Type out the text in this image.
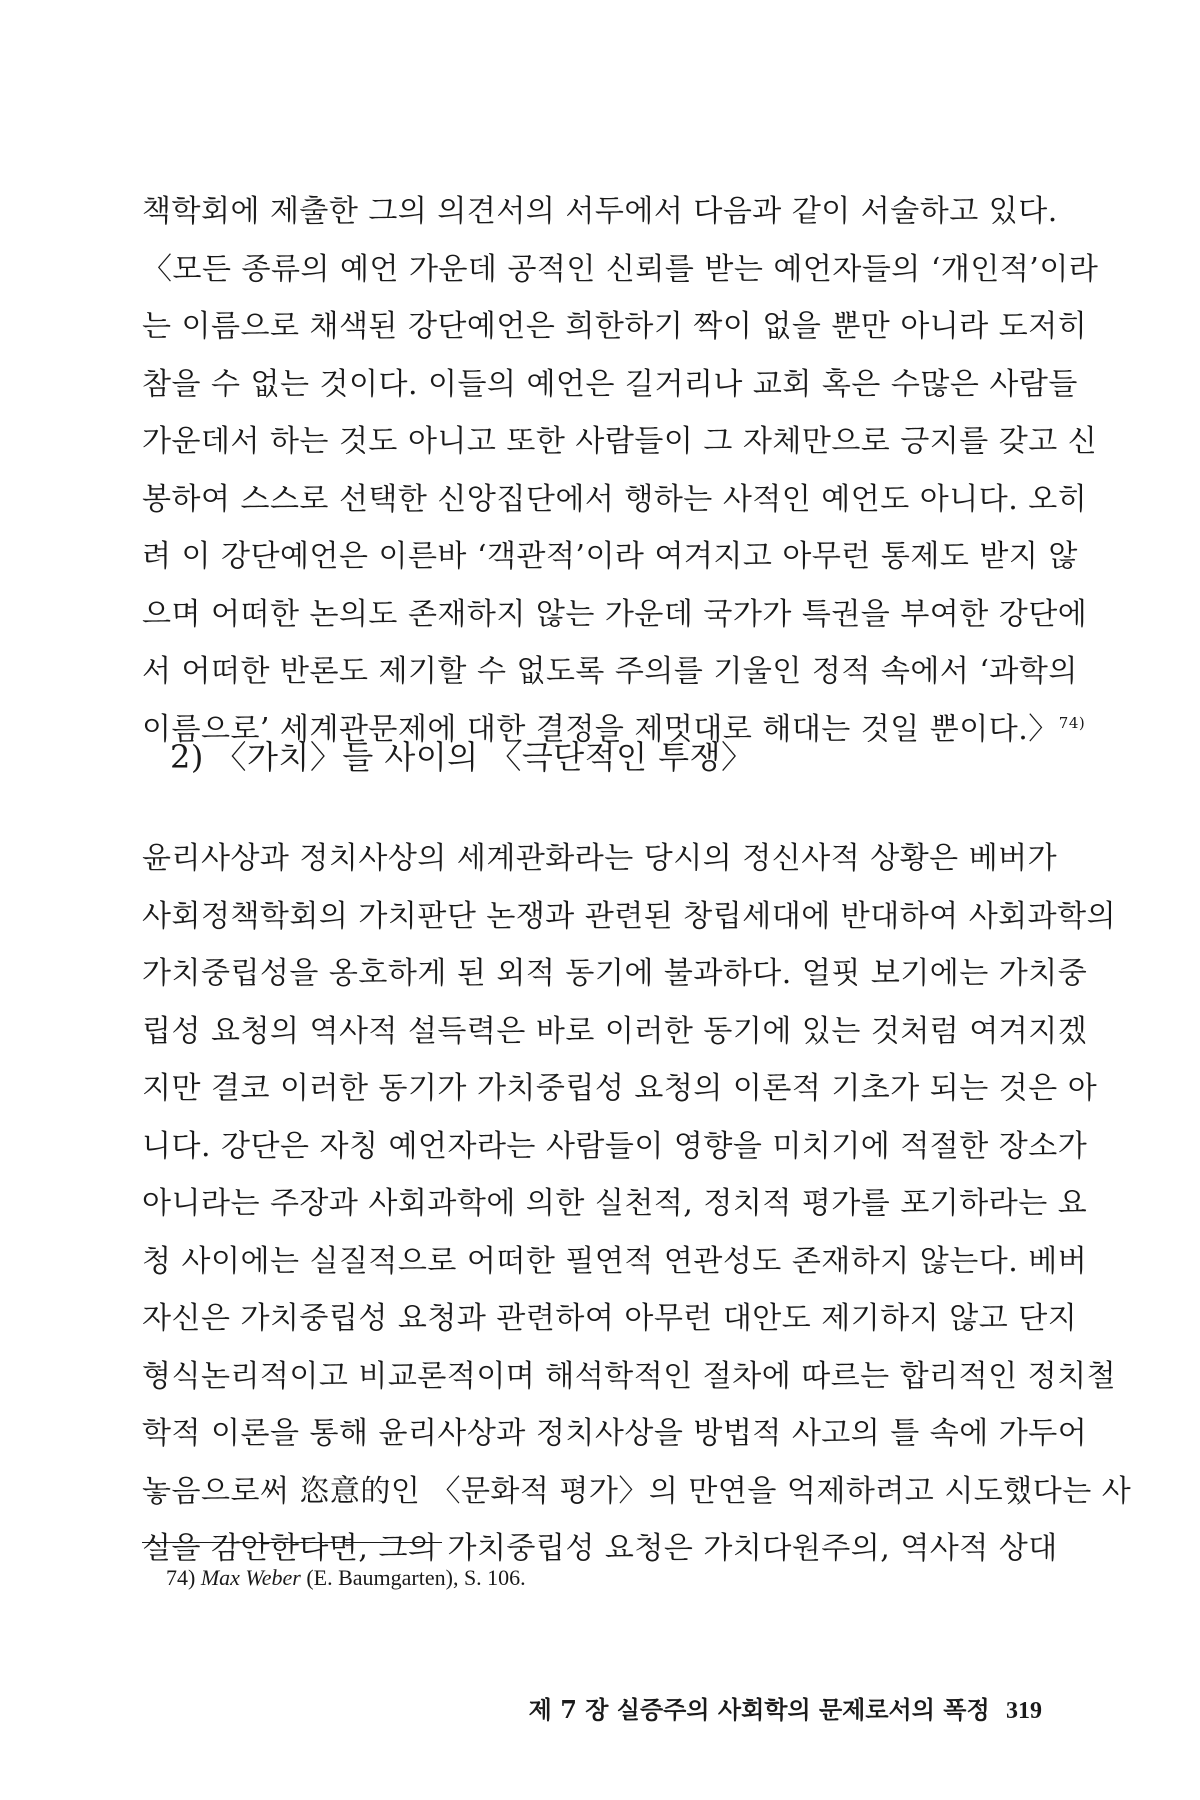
책학회에 제출한 그의 의견서의 서두에서 다음과 같이 서술하고 있다.
〈모든 종류의 예언 가운데 공적인 신뢰를 받는 예언자들의 ‘개인적’이라
는 이름으로 채색된 강단예언은 희한하기 짝이 없을 뿐만 아니라 도저히
참을 수 없는 것이다. 이들의 예언은 길거리나 교회 혹은 수많은 사람들
가운데서 하는 것도 아니고 또한 사람들이 그 자체만으로 긍지를 갖고 신
봉하여 스스로 선택한 신앙집단에서 행하는 사적인 예언도 아니다. 오히
려 이 강단예언은 이른바 ‘객관적’이라 여겨지고 아무런 통제도 받지 않
으며 어떠한 논의도 존재하지 않는 가운데 국가가 특권을 부여한 강단에
서 어떠한 반론도 제기할 수 없도록 주의를 기울인 정적 속에서 ‘과학의
이름으로’ 세계관문제에 대한 결정을 제멋대로 해대는 것일 뿐이다.〉$^{74)}$
2) 〈가치〉들 사이의 〈극단적인 투쟁〉
윤리사상과 정치사상의 세계관화라는 당시의 정신사적 상황은 베버가
사회정책학회의 가치판단 논쟁과 관련된 창립세대에 반대하여 사회과학의
가치중립성을 옹호하게 된 외적 동기에 불과하다. 얼핏 보기에는 가치중
립성 요청의 역사적 설득력은 바로 이러한 동기에 있는 것처럼 여겨지겠
지만 결코 이러한 동기가 가치중립성 요청의 이론적 기초가 되는 것은 아
니다. 강단은 자칭 예언자라는 사람들이 영향을 미치기에 적절한 장소가
아니라는 주장과 사회과학에 의한 실천적, 정치적 평가를 포기하라는 요
청 사이에는 실질적으로 어떠한 필연적 연관성도 존재하지 않는다. 베버
자신은 가치중립성 요청과 관련하여 아무런 대안도 제기하지 않고 단지
형식논리적이고 비교론적이며 해석학적인 절차에 따르는 합리적인 정치철
학적 이론을 통해 윤리사상과 정치사상을 방법적 사고의 틀 속에 가두어
놓음으로써 恣意的인 〈문화적 평가〉의 만연을 억제하려고 시도했다는 사
실을 감안한다면, 그의 가치중립성 요청은 가치다원주의, 역사적 상대
74) Max Weber (E. Baumgarten), S. 106.
제 7 장 실증주의 사회학의 문제로서의 폭정 319
